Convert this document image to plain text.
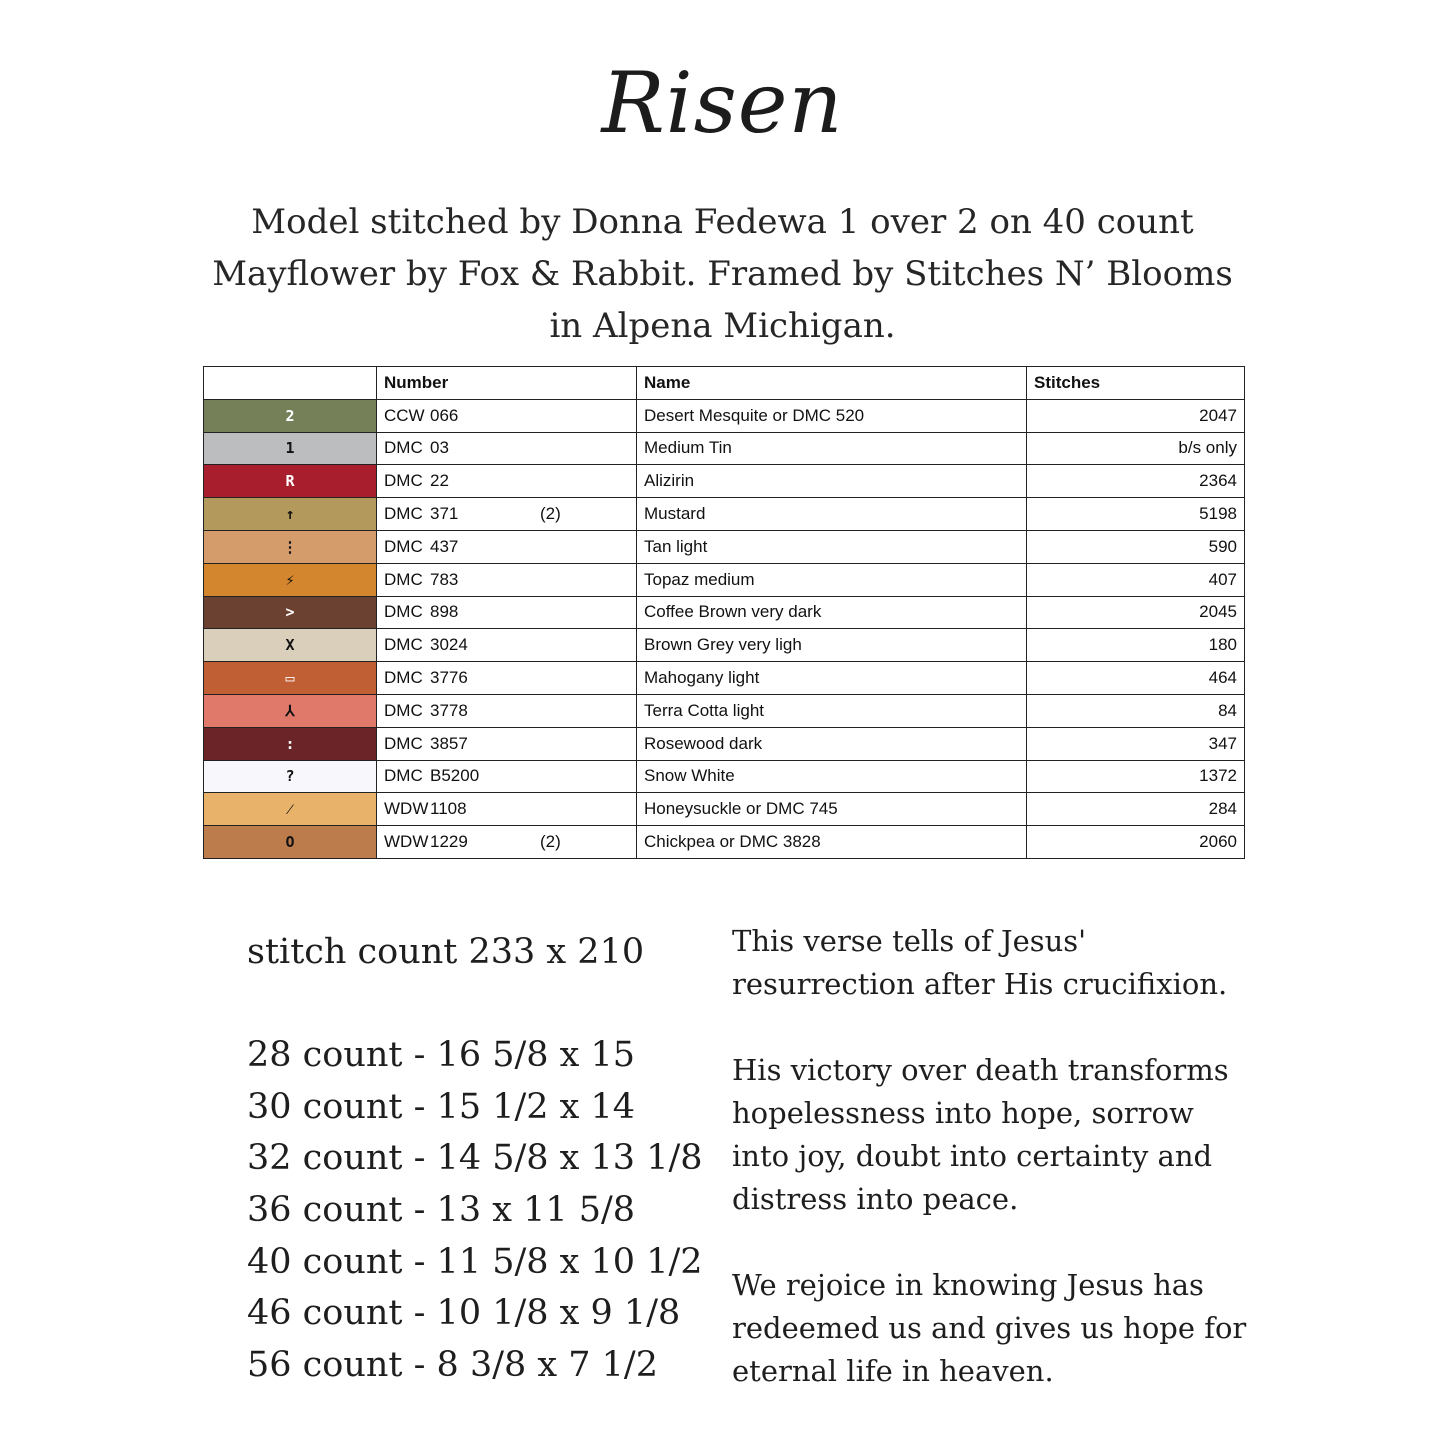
Risen
Model stitched by Donna Fedewa 1 over 2 on 40 count
Mayflower by Fox & Rabbit. Framed by Stitches N’ Blooms
in Alpena Michigan.
	Number	Name	Stitches
2	CCW 066	Desert Mesquite or DMC 520	2047
1	DMC 03	Medium Tin	b/s only
R	DMC 22	Alizirin	2364
↑	DMC 371 (2)	Mustard	5198
⋮	DMC 437	Tan light	590
⚡	DMC 783	Topaz medium	407
>	DMC 898	Coffee Brown very dark	2045
X	DMC 3024	Brown Grey very ligh	180
▭	DMC 3776	Mahogany light	464
⅄	DMC 3778	Terra Cotta light	84
:	DMC 3857	Rosewood dark	347
?	DMC B5200	Snow White	1372
⁄	WDW1108	Honeysuckle or DMC 745	284
O	WDW1229 (2)	Chickpea or DMC 3828	2060
stitch count 233 x 210
28 count - 16 5/8 x 15
30 count - 15 1/2 x 14
32 count - 14 5/8 x 13 1/8
36 count - 13 x 11 5/8
40 count - 11 5/8 x 10 1/2
46 count - 10 1/8 x 9 1/8
56 count - 8 3/8 x 7 1/2

This verse tells of Jesus' resurrection after His crucifixion.

His victory over death transforms hopelessness into hope, sorrow into joy, doubt into certainty and distress into peace.

We rejoice in knowing Jesus has redeemed us and gives us hope for eternal life in heaven.
